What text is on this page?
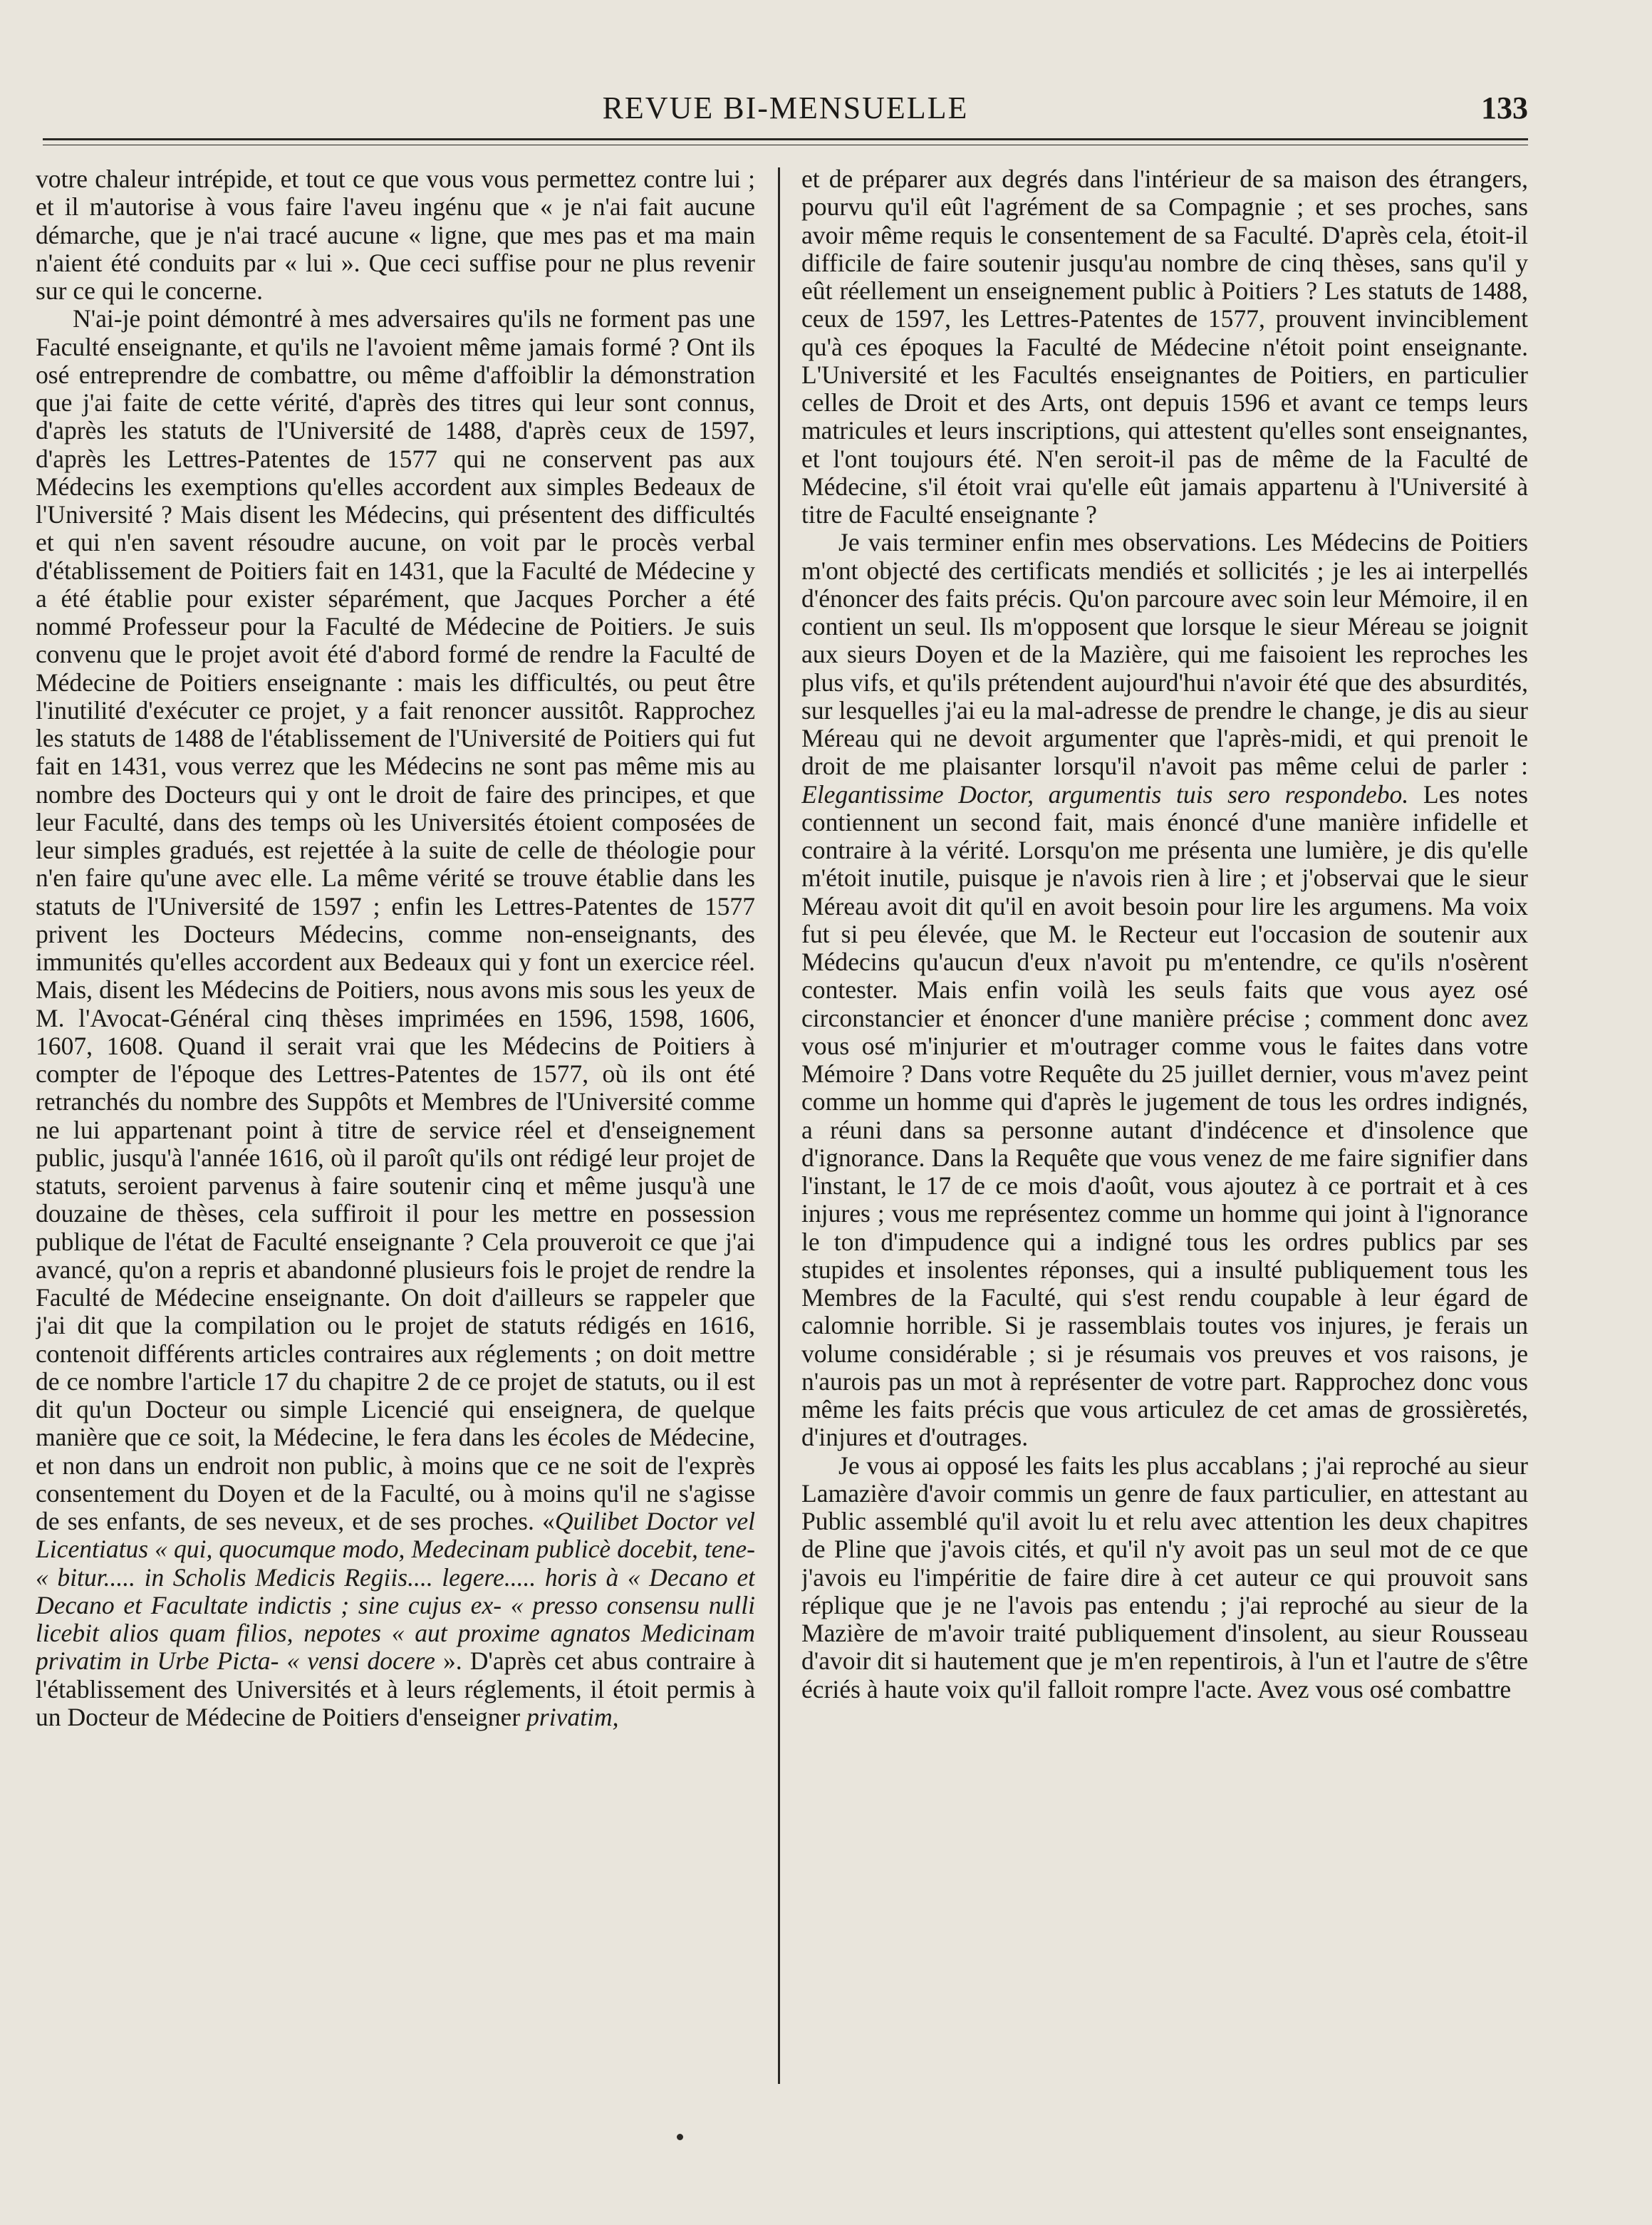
REVUE BI-MENSUELLE	133

votre chaleur intrépide, et tout ce que vous vous permettez contre lui ; et il m'autorise à vous faire l'aveu ingénu que « je n'ai fait aucune démarche, que je n'ai tracé aucune « ligne, que mes pas et ma main n'aient été conduits par « lui ». Que ceci suffise pour ne plus revenir sur ce qui le concerne.

N'ai-je point démontré à mes adversaires qu'ils ne forment pas une Faculté enseignante, et qu'ils ne l'avoient même jamais formé ? Ont ils osé entreprendre de combattre, ou même d'affoiblir la démonstration que j'ai faite de cette vérité, d'après des titres qui leur sont connus, d'après les statuts de l'Université de 1488, d'après ceux de 1597, d'après les Lettres-Patentes de 1577 qui ne conservent pas aux Médecins les exemptions qu'elles accordent aux simples Bedeaux de l'Université ? Mais disent les Médecins, qui présentent des difficultés et qui n'en savent résoudre aucune, on voit par le procès verbal d'établissement de Poitiers fait en 1431, que la Faculté de Médecine y a été établie pour exister séparément, que Jacques Porcher a été nommé Professeur pour la Faculté de Médecine de Poitiers. Je suis convenu que le projet avoit été d'abord formé de rendre la Faculté de Médecine de Poitiers enseignante : mais les difficultés, ou peut être l'inutilité d'exécuter ce projet, y a fait renoncer aussitôt. Rapprochez les statuts de 1488 de l'établissement de l'Université de Poitiers qui fut fait en 1431, vous verrez que les Médecins ne sont pas même mis au nombre des Docteurs qui y ont le droit de faire des principes, et que leur Faculté, dans des temps où les Universités étoient composées de leur simples gradués, est rejettée à la suite de celle de théologie pour n'en faire qu'une avec elle. La même vérité se trouve établie dans les statuts de l'Université de 1597 ; enfin les Lettres-Patentes de 1577 privent les Docteurs Médecins, comme non-enseignants, des immunités qu'elles accordent aux Bedeaux qui y font un exercice réel. Mais, disent les Médecins de Poitiers, nous avons mis sous les yeux de M. l'Avocat-Général cinq thèses imprimées en 1596, 1598, 1606, 1607, 1608. Quand il serait vrai que les Médecins de Poitiers à compter de l'époque des Lettres-Patentes de 1577, où ils ont été retranchés du nombre des Suppôts et Membres de l'Université comme ne lui appartenant point à titre de service réel et d'enseignement public, jusqu'à l'année 1616, où il paroît qu'ils ont rédigé leur projet de statuts, seroient parvenus à faire soutenir cinq et même jusqu'à une douzaine de thèses, cela suffiroit il pour les mettre en possession publique de l'état de Faculté enseignante ? Cela prouveroit ce que j'ai avancé, qu'on a repris et abandonné plusieurs fois le projet de rendre la Faculté de Médecine enseignante. On doit d'ailleurs se rappeler que j'ai dit que la compilation ou le projet de statuts rédigés en 1616, contenoit différents articles contraires aux réglements ; on doit mettre de ce nombre l'article 17 du chapitre 2 de ce projet de statuts, ou il est dit qu'un Docteur ou simple Licencié qui enseignera, de quelque manière que ce soit, la Médecine, le fera dans les écoles de Médecine, et non dans un endroit non public, à moins que ce ne soit de l'exprès consentement du Doyen et de la Faculté, ou à moins qu'il ne s'agisse de ses enfants, de ses neveux, et de ses proches. «Quilibet Doctor vel Licentiatus « qui, quocumque modo, Medecinam publicè docebit, tene- « bitur..... in Scholis Medicis Regiis.... legere..... horis à « Decano et Decano et Facultate indictis ; sine cujus ex- « presso consensu nulli licebit alios quam filios, nepotes « aut proxime agnatos Medicinam privatim in Urbe Picta- « vensi docere ». D'après cet abus contraire à l'établissement des Universités et à leurs réglements, il étoit permis à un Docteur de Médecine de Poitiers d'enseigner privatim,

et de préparer aux degrés dans l'intérieur de sa maison des étrangers, pourvu qu'il eût l'agrément de sa Compagnie ; et ses proches, sans avoir même requis le consentement de sa Faculté. D'après cela, étoit-il difficile de faire soutenir jusqu'au nombre de cinq thèses, sans qu'il y eût réellement un enseignement public à Poitiers ? Les statuts de 1488, ceux de 1597, les Lettres-Patentes de 1577, prouvent invinciblement qu'à ces époques la Faculté de Médecine n'étoit point enseignante. L'Université et les Facultés enseignantes de Poitiers, en particulier celles de Droit et des Arts, ont depuis 1596 et avant ce temps leurs matricules et leurs inscriptions, qui attestent qu'elles sont enseignantes, et l'ont toujours été. N'en seroit-il pas de même de la Faculté de Médecine, s'il étoit vrai qu'elle eût jamais appartenu à l'Université à titre de Faculté enseignante ?

Je vais terminer enfin mes observations. Les Médecins de Poitiers m'ont objecté des certificats mendiés et sollicités ; je les ai interpellés d'énoncer des faits précis. Qu'on parcoure avec soin leur Mémoire, il en contient un seul. Ils m'opposent que lorsque le sieur Méreau se joignit aux sieurs Doyen et de la Mazière, qui me faisoient les reproches les plus vifs, et qu'ils prétendent aujourd'hui n'avoir été que des absurdités, sur lesquelles j'ai eu la mal-adresse de prendre le change, je dis au sieur Méreau qui ne devoit argumenter que l'après-midi, et qui prenoit le droit de me plaisanter lorsqu'il n'avoit pas même celui de parler : Elegantissime Doctor, argumentis tuis sero respondebo. Les notes contiennent un second fait, mais énoncé d'une manière infidelle et contraire à la vérité. Lorsqu'on me présenta une lumière, je dis qu'elle m'étoit inutile, puisque je n'avois rien à lire ; et j'observai que le sieur Méreau avoit dit qu'il en avoit besoin pour lire les argumens. Ma voix fut si peu élevée, que M. le Recteur eut l'occasion de soutenir aux Médecins qu'aucun d'eux n'avoit pu m'entendre, ce qu'ils n'osèrent contester. Mais enfin voilà les seuls faits que vous ayez osé circonstancier et énoncer d'une manière précise ; comment donc avez vous osé m'injurier et m'outrager comme vous le faites dans votre Mémoire ? Dans votre Requête du 25 juillet dernier, vous m'avez peint comme un homme qui d'après le jugement de tous les ordres indignés, a réuni dans sa personne autant d'indécence et d'insolence que d'ignorance. Dans la Requête que vous venez de me faire signifier dans l'instant, le 17 de ce mois d'août, vous ajoutez à ce portrait et à ces injures ; vous me représentez comme un homme qui joint à l'ignorance le ton d'impudence qui a indigné tous les ordres publics par ses stupides et insolentes réponses, qui a insulté publiquement tous les Membres de la Faculté, qui s'est rendu coupable à leur égard de calomnie horrible. Si je rassemblais toutes vos injures, je ferais un volume considérable ; si je résumais vos preuves et vos raisons, je n'aurois pas un mot à représenter de votre part. Rapprochez donc vous même les faits précis que vous articulez de cet amas de grossièretés, d'injures et d'outrages.

Je vous ai opposé les faits les plus accablans ; j'ai reproché au sieur Lamazière d'avoir commis un genre de faux particulier, en attestant au Public assemblé qu'il avoit lu et relu avec attention les deux chapitres de Pline que j'avois cités, et qu'il n'y avoit pas un seul mot de ce que j'avois eu l'impéritie de faire dire à cet auteur ce qui prouvoit sans réplique que je ne l'avois pas entendu ; j'ai reproché au sieur de la Mazière de m'avoir traité publiquement d'insolent, au sieur Rousseau d'avoir dit si hautement que je m'en repentirois, à l'un et l'autre de s'être écriés à haute voix qu'il falloit rompre l'acte. Avez vous osé combattre
